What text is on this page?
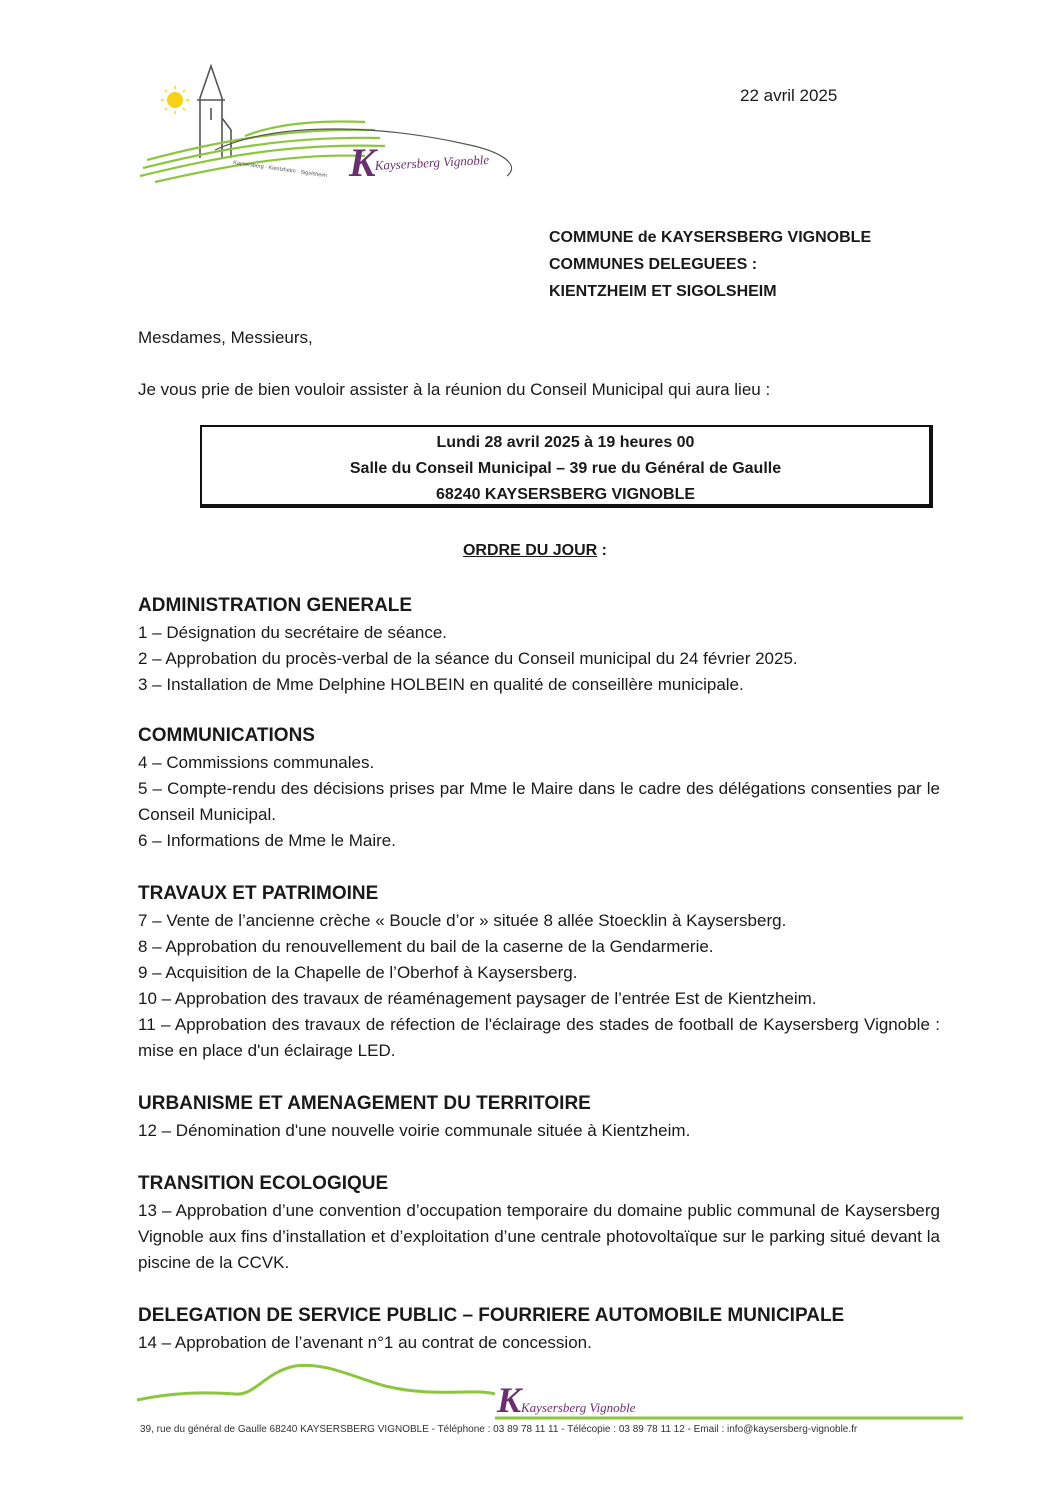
Kaysersberg · Kientzheim · Sigolsheim K
Kaysersberg Vignoble
22 avril 2025
COMMUNE de KAYSERSBERG VIGNOBLE
COMMUNES DELEGUEES :
KIENTZHEIM ET SIGOLSHEIM
Mesdames, Messieurs,
Je vous prie de bien vouloir assister à la réunion du Conseil Municipal qui aura lieu :
Lundi 28 avril 2025 à 19 heures 00
Salle du Conseil Municipal – 39 rue du Général de Gaulle
68240 KAYSERSBERG VIGNOBLE
ORDRE DU JOUR :
ADMINISTRATION GENERALE

1 – Désignation du secrétaire de séance.

2 – Approbation du procès-verbal de la séance du Conseil municipal du 24 février 2025.

3 – Installation de Mme Delphine HOLBEIN en qualité de conseillère municipale.

COMMUNICATIONS

4 – Commissions communales.

5 – Compte-rendu des décisions prises par Mme le Maire dans le cadre des délégations consenties par le Conseil Municipal.

6 – Informations de Mme le Maire.

TRAVAUX ET PATRIMOINE

7 – Vente de l’ancienne crèche « Boucle d’or » située 8 allée Stoecklin à Kaysersberg.

8 – Approbation du renouvellement du bail de la caserne de la Gendarmerie.

9 – Acquisition de la Chapelle de l’Oberhof à Kaysersberg.

10 – Approbation des travaux de réaménagement paysager de l’entrée Est de Kientzheim.

11 – Approbation des travaux de réfection de l'éclairage des stades de football de Kaysersberg Vignoble : mise en place d'un éclairage LED.

URBANISME ET AMENAGEMENT DU TERRITOIRE

12 – Dénomination d'une nouvelle voirie communale située à Kientzheim.

TRANSITION ECOLOGIQUE

13 – Approbation d’une convention d’occupation temporaire du domaine public communal de Kaysersberg Vignoble aux fins d’installation et d’exploitation d’une centrale photovoltaïque sur le parking situé devant la piscine de la CCVK.

DELEGATION DE SERVICE PUBLIC – FOURRIERE AUTOMOBILE MUNICIPALE

14 – Approbation de l’avenant n°1 au contrat de concession.

K Kaysersberg Vignoble
39, rue du général de Gaulle 68240 KAYSERSBERG VIGNOBLE - Téléphone : 03 89 78 11 11 - Télécopie : 03 89 78 11 12 - Email : info@kaysersberg-vignoble.fr
